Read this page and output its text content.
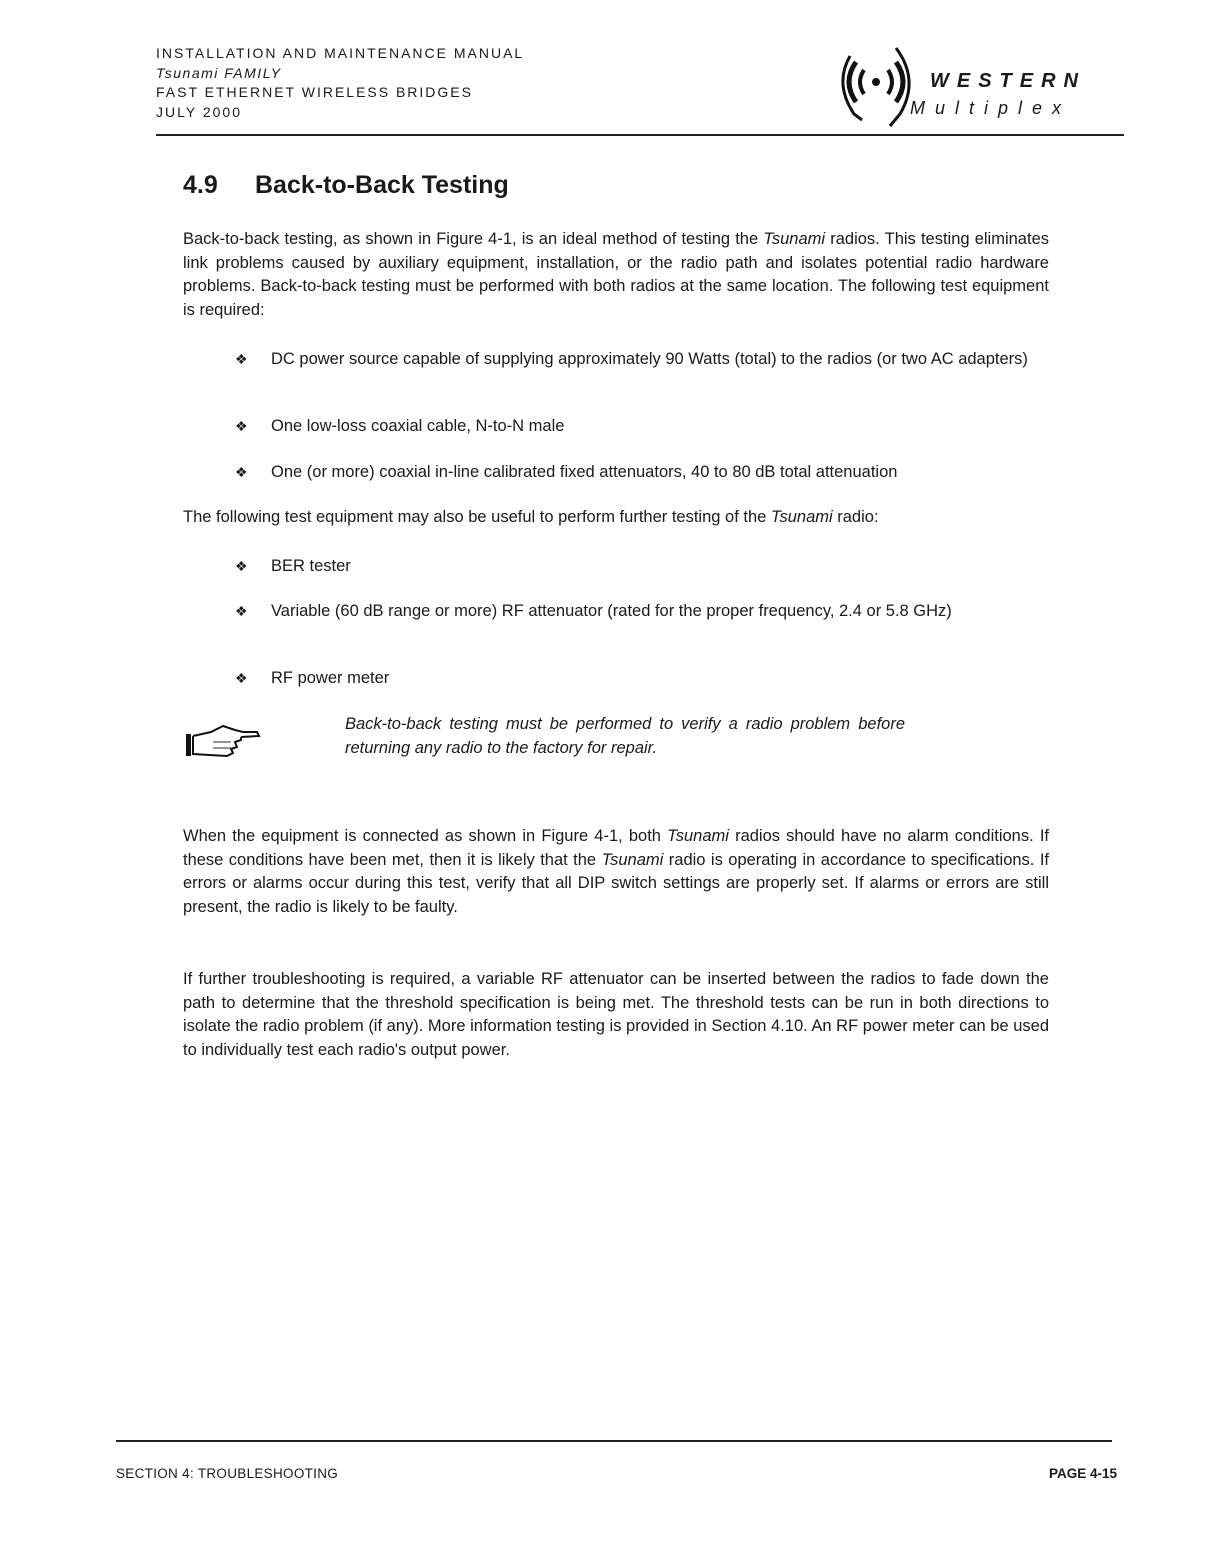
INSTALLATION AND MAINTENANCE MANUAL
Tsunami FAMILY
FAST ETHERNET WIRELESS BRIDGES
JULY 2000
WESTERN
Multiplex
4.9 Back-to-Back Testing

Back-to-back testing, as shown in Figure 4-1, is an ideal method of testing the Tsunami radios. This testing eliminates link problems caused by auxiliary equipment, installation, or the radio path and isolates potential radio hardware problems. Back-to-back testing must be performed with both radios at the same location. The following test equipment is required:

❖ DC power source capable of supplying approximately 90 Watts (total) to the radios (or two AC adapters)
❖ One low-loss coaxial cable, N-to-N male
❖ One (or more) coaxial in-line calibrated fixed attenuators, 40 to 80 dB total attenuation

The following test equipment may also be useful to perform further testing of the Tsunami radio:

❖ BER tester
❖ Variable (60 dB range or more) RF attenuator (rated for the proper frequency, 2.4 or 5.8 GHz)
❖ RF power meter
Back-to-back testing must be performed to verify a radio problem before returning any radio to the factory for repair.

When the equipment is connected as shown in Figure 4-1, both Tsunami radios should have no alarm conditions. If these conditions have been met, then it is likely that the Tsunami radio is operating in accordance to specifications. If errors or alarms occur during this test, verify that all DIP switch settings are properly set. If alarms or errors are still present, the radio is likely to be faulty.

If further troubleshooting is required, a variable RF attenuator can be inserted between the radios to fade down the path to determine that the threshold specification is being met. The threshold tests can be run in both directions to isolate the radio problem (if any). More information testing is provided in Section 4.10. An RF power meter can be used to individually test each radio's output power.

SECTION 4: TROUBLESHOOTING	PAGE 4-15
